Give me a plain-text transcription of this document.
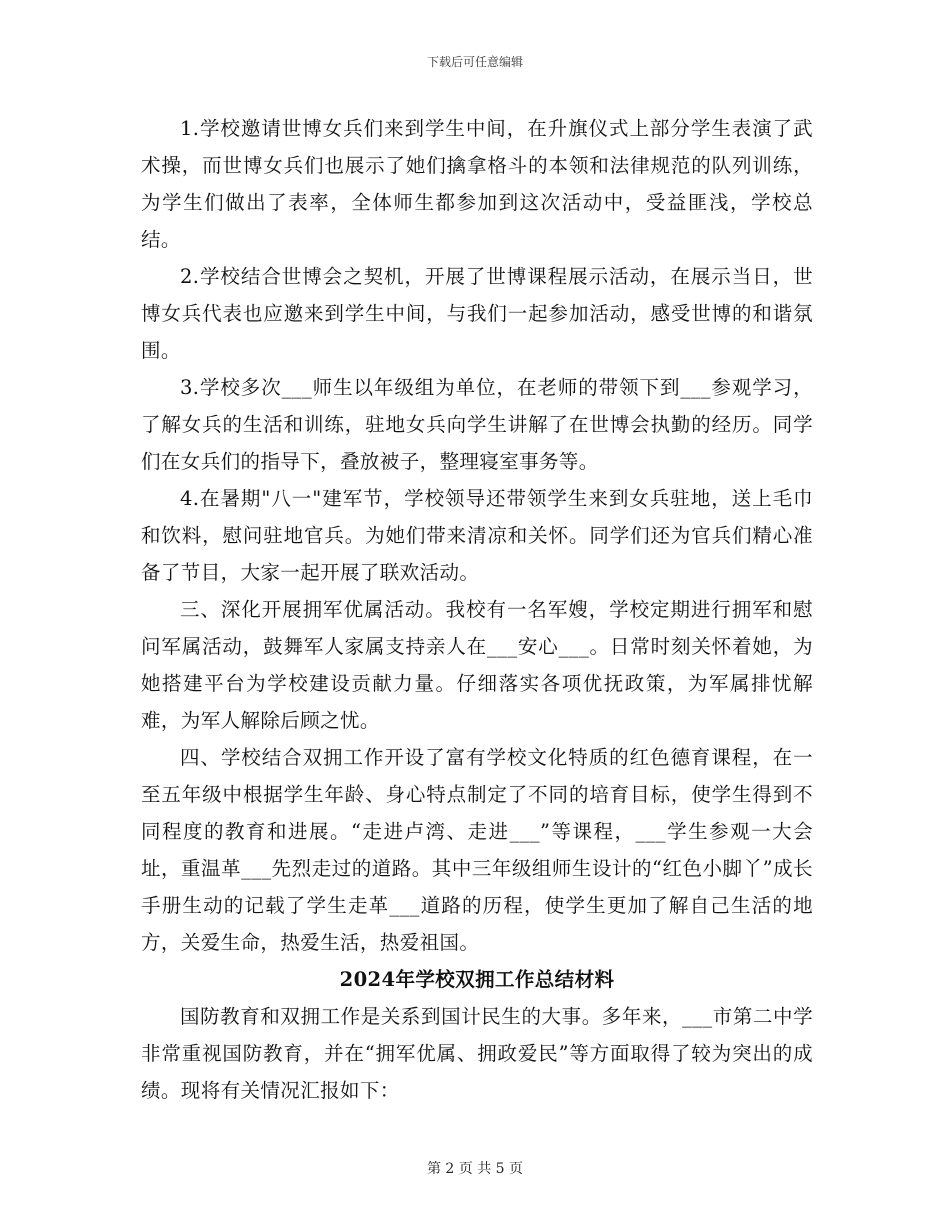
下载后可任意编辑

1.学校邀请世博女兵们来到学生中间，在升旗仪式上部分学生表演了武术操，而世博女兵们也展示了她们擒拿格斗的本领和法律规范的队列训练，为学生们做出了表率，全体师生都参加到这次活动中，受益匪浅，学校总结。

2.学校结合世博会之契机，开展了世博课程展示活动，在展示当日，世博女兵代表也应邀来到学生中间，与我们一起参加活动，感受世博的和谐氛围。

3.学校多次___师生以年级组为单位，在老师的带领下到___参观学习，了解女兵的生活和训练，驻地女兵向学生讲解了在世博会执勤的经历。同学们在女兵们的指导下，叠放被子，整理寝室事务等。

4.在暑期"八一"建军节，学校领导还带领学生来到女兵驻地，送上毛巾和饮料，慰问驻地官兵。为她们带来清凉和关怀。同学们还为官兵们精心准备了节目，大家一起开展了联欢活动。

三、深化开展拥军优属活动。我校有一名军嫂，学校定期进行拥军和慰问军属活动，鼓舞军人家属支持亲人在___安心___。日常时刻关怀着她，为她搭建平台为学校建设贡献力量。仔细落实各项优抚政策，为军属排忧解难，为军人解除后顾之忧。

四、学校结合双拥工作开设了富有学校文化特质的红色德育课程，在一至五年级中根据学生年龄、身心特点制定了不同的培育目标，使学生得到不同程度的教育和进展。“走进卢湾、走进___”等课程，___学生参观一大会址，重温革___先烈走过的道路。其中三年级组师生设计的“红色小脚丫”成长手册生动的记载了学生走革___道路的历程，使学生更加了解自己生活的地方，关爱生命，热爱生活，热爱祖国。

2024年学校双拥工作总结材料

国防教育和双拥工作是关系到国计民生的大事。多年来，___市第二中学非常重视国防教育，并在“拥军优属、拥政爱民”等方面取得了较为突出的成绩。现将有关情况汇报如下：

第 2 页 共 5 页
